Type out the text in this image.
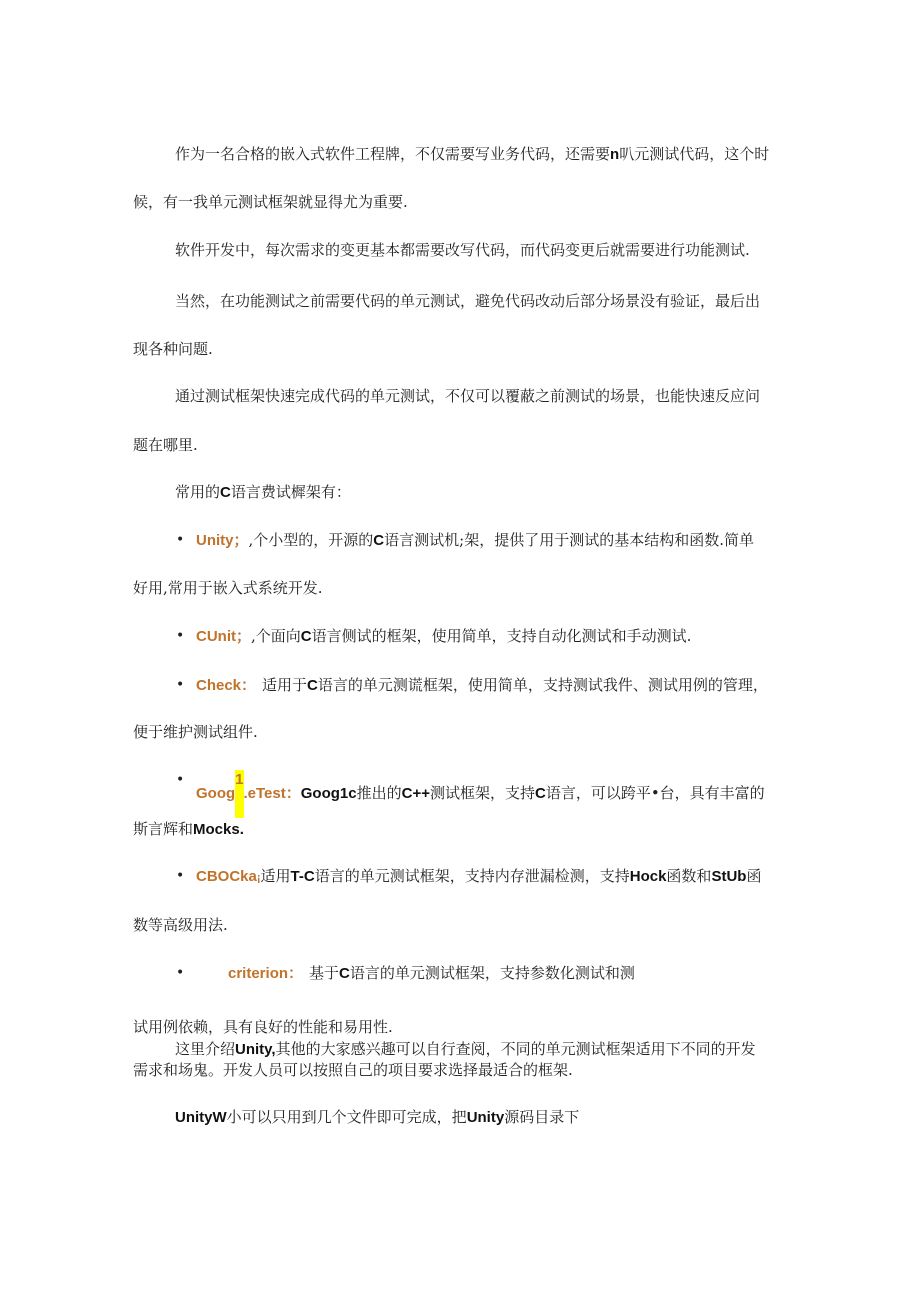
作为一名合格的嵌入式软件工程牌，不仅需要写业务代码，还需要n叭元测试代码，这个时

候，有一我单元测试框架就显得尤为重要.

软件开发中，每次需求的变更基本都需要改写代码，而代码变更后就需要进行功能测试.

当然，在功能测试之前需要代码的单元测试，避免代码改动后部分场景没有验证，最后出

现各种问题.

通过测试框架快速完成代码的单元测试，不仅可以覆蔽之前测试的场景，也能快速反应问

题在哪里.

常用的C语言费试樨架有：

• Unity；,个小型的，开源的C语言测试机;架，提供了用于测试的基本结构和函数.简单

好用,常用于嵌入式系统开发.

• CUnit；,个面向C语言侧试的框架，使用简单，支持自动化测试和手动测试.

• Check： 适用于C语言的单元测谎框架，使用简单，支持测试我件、测试用例的管理，

便于维护测试组件.

•

Goog1.eTest：Goog1c推出的C++测试框架，支持C语言，可以跨平•台，具有丰富的

斯言辉和Mocks.

• CBOCka¡适用T-C语言的单元测试框架，支持内存泄漏检测，支持Hock函数和StUb函

数等高级用法.

•	criterion： 基于C语言的单元测试框架，支持参数化测试和测

试用例依赖，具有良好的性能和易用性.

这里介绍Unity,其他的大家感兴趣可以自行查阅，不同的单元测试框架适用下不同的开发

需求和场鬼。开发人员可以按照自己的项目要求选择最适合的框架.

UnityW小可以只用到几个文件即可完成，把Unity源码目录下
